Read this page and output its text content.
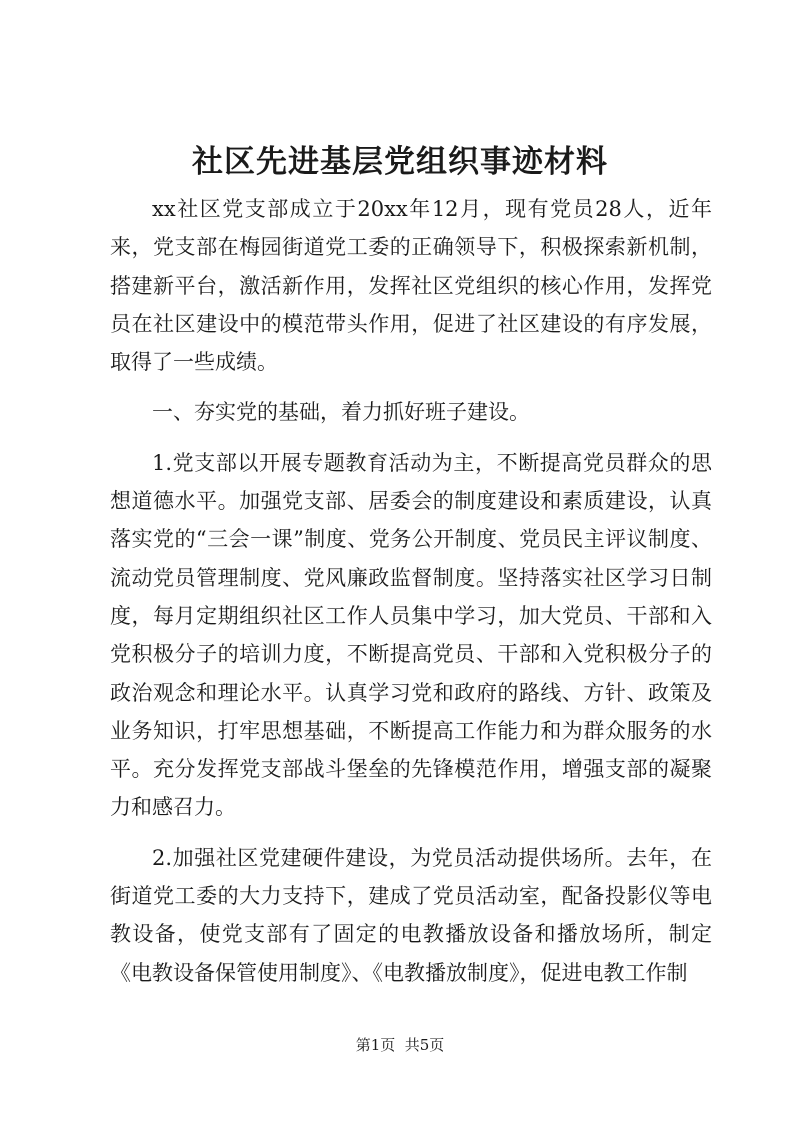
社区先进基层党组织事迹材料

xx社区党支部成立于20xx年12月，现有党员28人，近年来，党支部在梅园街道党工委的正确领导下，积极探索新机制，搭建新平台，激活新作用，发挥社区党组织的核心作用，发挥党员在社区建设中的模范带头作用，促进了社区建设的有序发展，取得了一些成绩。

一、夯实党的基础，着力抓好班子建设。

1.党支部以开展专题教育活动为主，不断提高党员群众的思想道德水平。加强党支部、居委会的制度建设和素质建设，认真落实党的“三会一课”制度、党务公开制度、党员民主评议制度、流动党员管理制度、党风廉政监督制度。坚持落实社区学习日制度，每月定期组织社区工作人员集中学习，加大党员、干部和入党积极分子的培训力度，不断提高党员、干部和入党积极分子的政治观念和理论水平。认真学习党和政府的路线、方针、政策及业务知识，打牢思想基础，不断提高工作能力和为群众服务的水平。充分发挥党支部战斗堡垒的先锋模范作用，增强支部的凝聚力和感召力。

2.加强社区党建硬件建设，为党员活动提供场所。去年，在街道党工委的大力支持下，建成了党员活动室，配备投影仪等电教设备，使党支部有了固定的电教播放设备和播放场所，制定《电教设备保管使用制度》、《电教播放制度》，促进电教工作制

第1页  共5页
